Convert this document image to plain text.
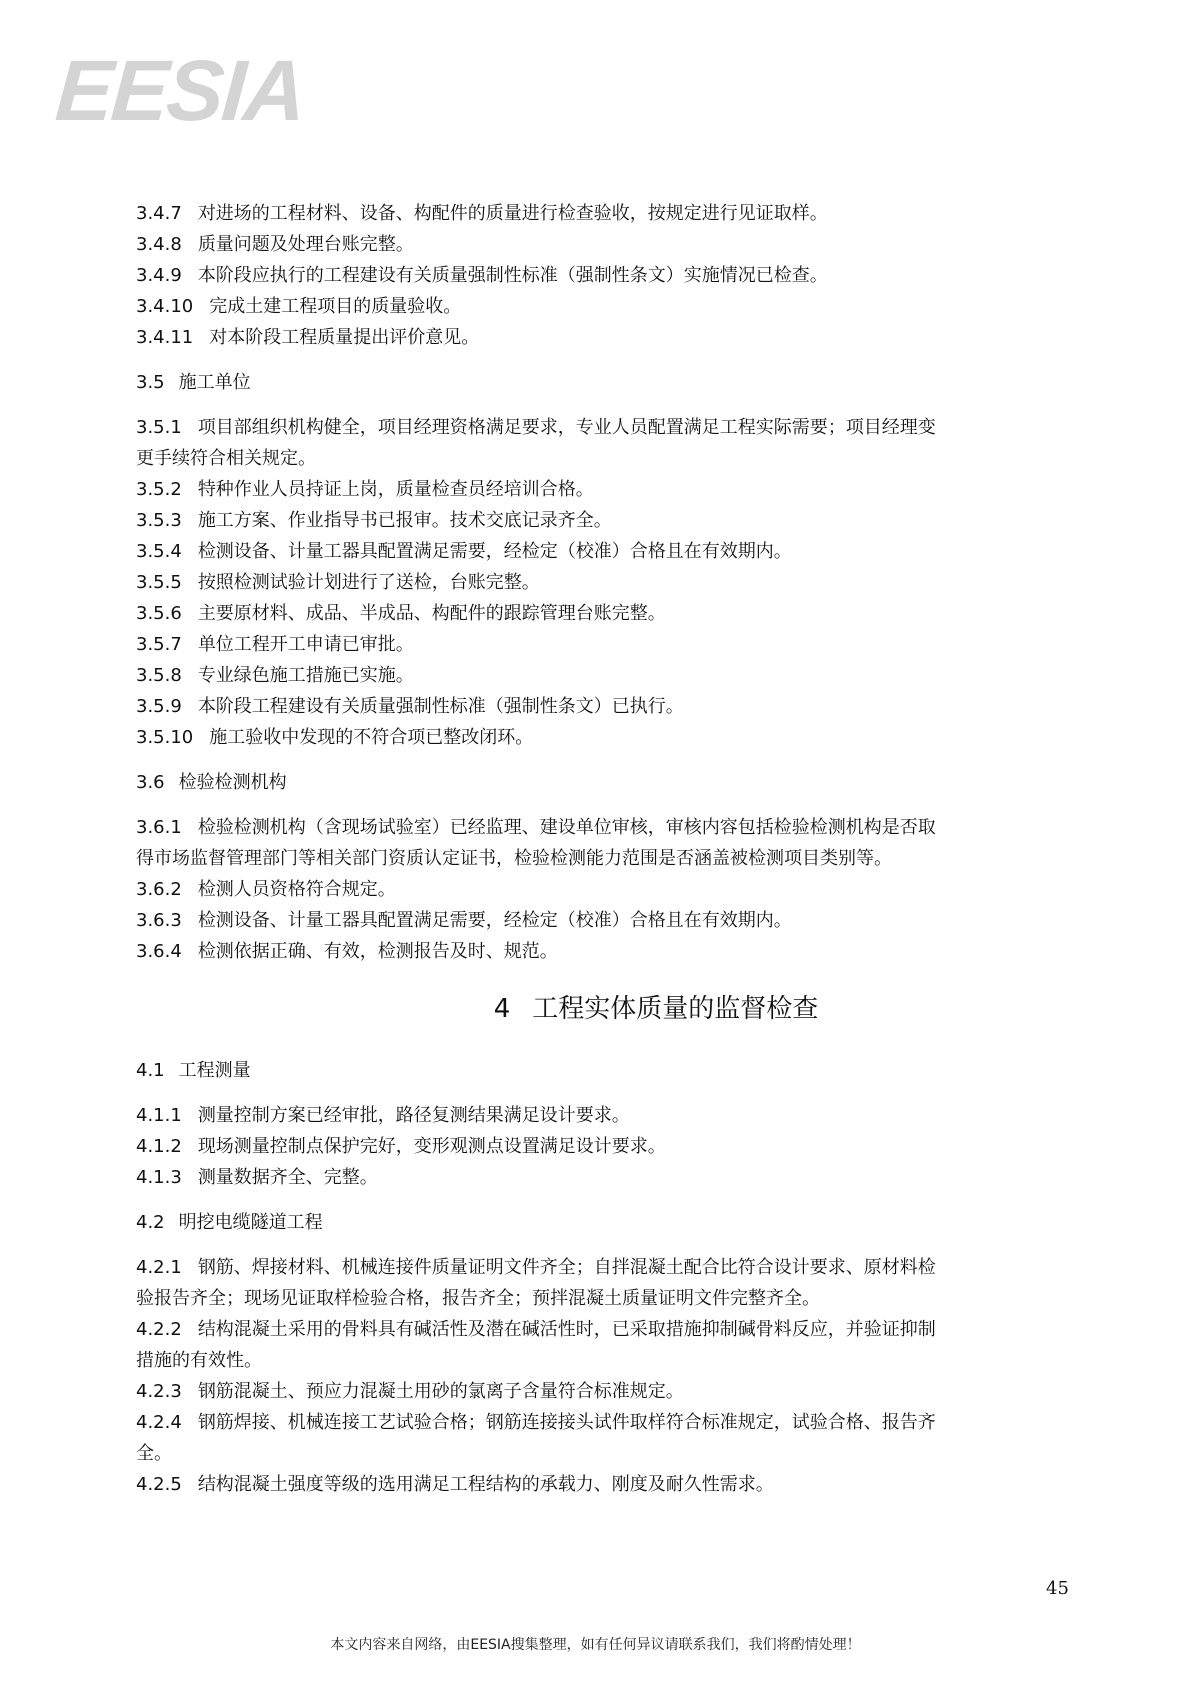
EESIA
3.4.7 对进场的工程材料、设备、构配件的质量进行检查验收，按规定进行见证取样。
3.4.8 质量问题及处理台账完整。
3.4.9 本阶段应执行的工程建设有关质量强制性标准（强制性条文）实施情况已检查。
3.4.10 完成土建工程项目的质量验收。
3.4.11 对本阶段工程质量提出评价意见。
3.5 施工单位
3.5.1 项目部组织机构健全，项目经理资格满足要求，专业人员配置满足工程实际需要；项目经理变
更手续符合相关规定。
3.5.2 特种作业人员持证上岗，质量检查员经培训合格。
3.5.3 施工方案、作业指导书已报审。技术交底记录齐全。
3.5.4 检测设备、计量工器具配置满足需要，经检定（校准）合格且在有效期内。
3.5.5 按照检测试验计划进行了送检，台账完整。
3.5.6 主要原材料、成品、半成品、构配件的跟踪管理台账完整。
3.5.7 单位工程开工申请已审批。
3.5.8 专业绿色施工措施已实施。
3.5.9 本阶段工程建设有关质量强制性标准（强制性条文）已执行。
3.5.10 施工验收中发现的不符合项已整改闭环。
3.6 检验检测机构
3.6.1 检验检测机构（含现场试验室）已经监理、建设单位审核，审核内容包括检验检测机构是否取
得市场监督管理部门等相关部门资质认定证书，检验检测能力范围是否涵盖被检测项目类别等。
3.6.2 检测人员资格符合规定。
3.6.3 检测设备、计量工器具配置满足需要，经检定（校准）合格且在有效期内。
3.6.4 检测依据正确、有效，检测报告及时、规范。
4 工程实体质量的监督检查
4.1 工程测量
4.1.1 测量控制方案已经审批，路径复测结果满足设计要求。
4.1.2 现场测量控制点保护完好，变形观测点设置满足设计要求。
4.1.3 测量数据齐全、完整。
4.2 明挖电缆隧道工程
4.2.1 钢筋、焊接材料、机械连接件质量证明文件齐全；自拌混凝土配合比符合设计要求、原材料检
验报告齐全；现场见证取样检验合格，报告齐全；预拌混凝土质量证明文件完整齐全。
4.2.2 结构混凝土采用的骨料具有碱活性及潜在碱活性时，已采取措施抑制碱骨料反应，并验证抑制
措施的有效性。
4.2.3 钢筋混凝土、预应力混凝土用砂的氯离子含量符合标准规定。
4.2.4 钢筋焊接、机械连接工艺试验合格；钢筋连接接头试件取样符合标准规定，试验合格、报告齐
全。
4.2.5 结构混凝土强度等级的选用满足工程结构的承载力、刚度及耐久性需求。
45
本文内容来自网络，由EESIA搜集整理，如有任何异议请联系我们，我们将酌情处理！
